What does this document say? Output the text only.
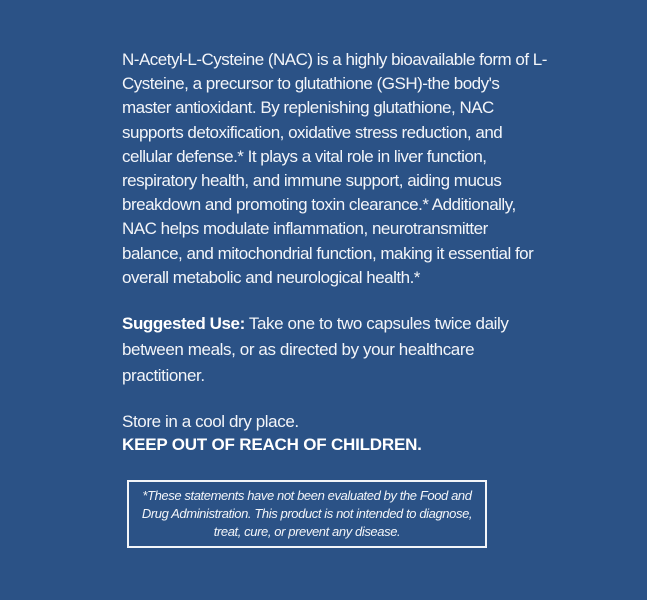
N-Acetyl-L-Cysteine (NAC) is a highly bioavailable form of L-Cysteine, a precursor to glutathione (GSH)-the body's master antioxidant. By replenishing glutathione, NAC supports detoxification, oxidative stress reduction, and cellular defense.* It plays a vital role in liver function, respiratory health, and immune support, aiding mucus breakdown and promoting toxin clearance.* Additionally, NAC helps modulate inflammation, neurotransmitter balance, and mitochondrial function, making it essential for overall metabolic and neurological health.*

Suggested Use: Take one to two capsules twice daily between meals, or as directed by your healthcare practitioner.

Store in a cool dry place.

KEEP OUT OF REACH OF CHILDREN.

*These statements have not been evaluated by the Food and Drug Administration. This product is not intended to diagnose, treat, cure, or prevent any disease.
